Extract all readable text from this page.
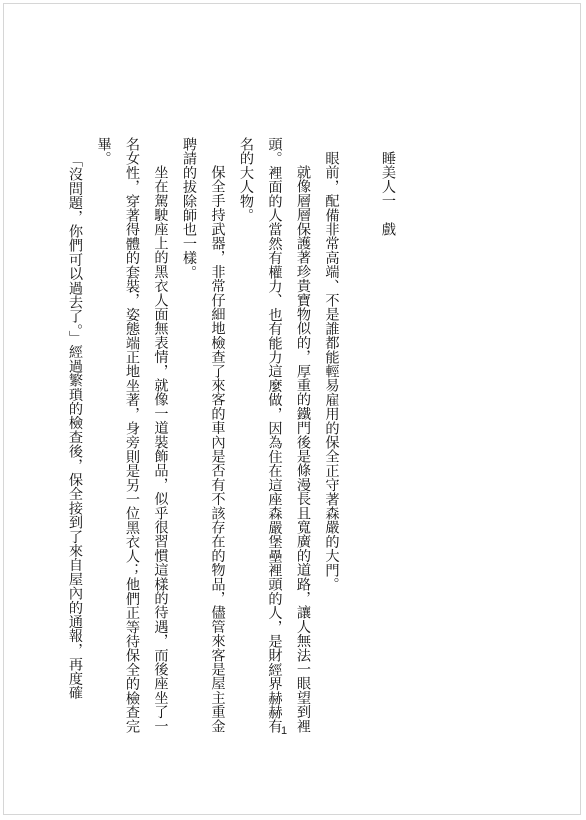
睡美人一　戲

眼前，配備非常高端、不是誰都能輕易雇用的保全正守著森嚴的大門。

就像層層保護著珍貴寶物似的，厚重的鐵門後是條漫長且寬廣的道路，讓人無法一眼望到裡頭。裡面的人當然有權力、也有能力這麼做，因為住在這座森嚴堡壘裡頭的人，是財經界赫赫有名的大人物。

保全手持武器，非常仔細地檢查了來客的車內是否有不該存在的物品，儘管來客是屋主重金聘請的拔除師也一樣。

坐在駕駛座上的黑衣人面無表情，就像一道裝飾品，似乎很習慣這樣的待遇，而後座坐了一名女性，穿著得體的套裝，姿態端正地坐著，身旁則是另一位黑衣人；他們正等待保全的檢查完畢。

「沒問題，你們可以過去了。」經過繁瑣的檢查後，保全接到了來自屋內的通報，再度確

1
